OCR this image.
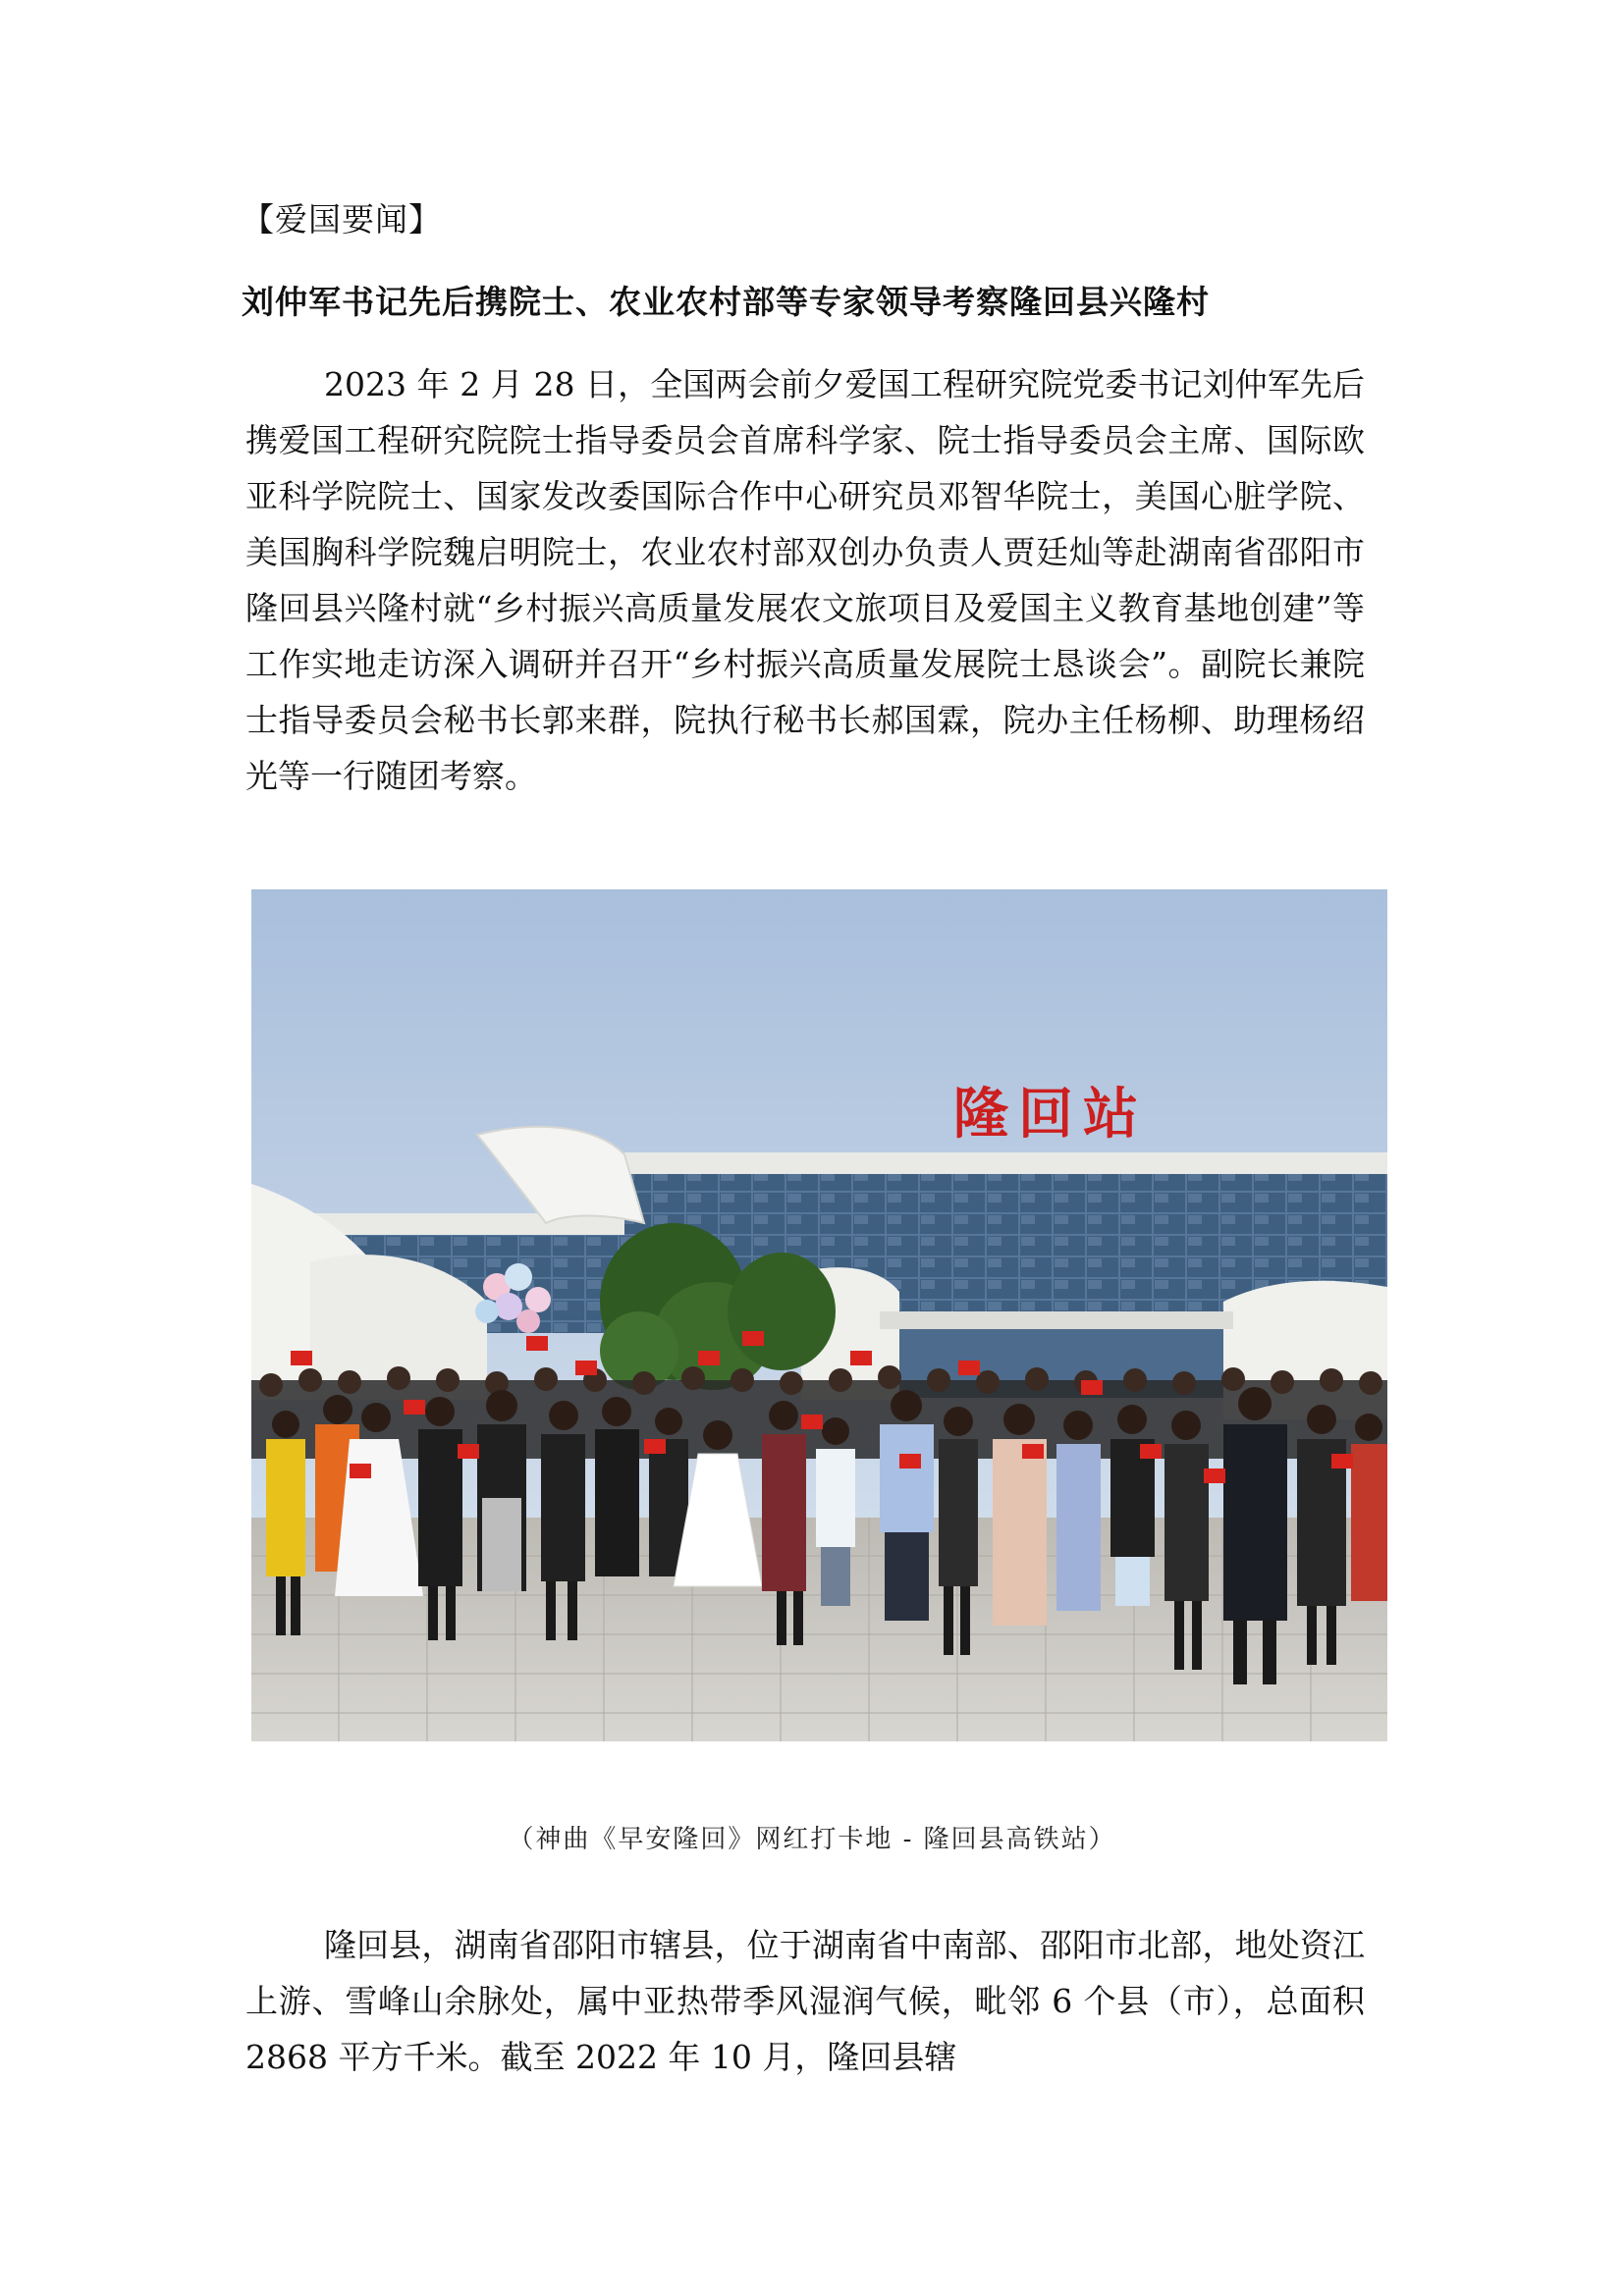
【爱国要闻】

刘仲军书记先后携院士、农业农村部等专家领导考察隆回县兴隆村

2023 年 2 月 28 日，全国两会前夕爱国工程研究院党委书记刘仲军先后携爱国工程研究院院士指导委员会首席科学家、院士指导委员会主席、国际欧亚科学院院士、国家发改委国际合作中心研究员邓智华院士，美国心脏学院、美国胸科学院魏启明院士，农业农村部双创办负责人贾廷灿等赴湖南省邵阳市隆回县兴隆村就“乡村振兴高质量发展农文旅项目及爱国主义教育基地创建”等工作实地走访深入调研并召开“乡村振兴高质量发展院士恳谈会”。副院长兼院士指导委员会秘书长郭来群，院执行秘书长郝国霖，院办主任杨柳、助理杨绍光等一行随团考察。

隆回站

（神曲《早安隆回》网红打卡地 - 隆回县高铁站）

隆回县，湖南省邵阳市辖县，位于湖南省中南部、邵阳市北部，地处资江上游、雪峰山余脉处，属中亚热带季风湿润气候，毗邻 6 个县（市），总面积 2868 平方千米。截至 2022 年 10 月，隆回县辖
